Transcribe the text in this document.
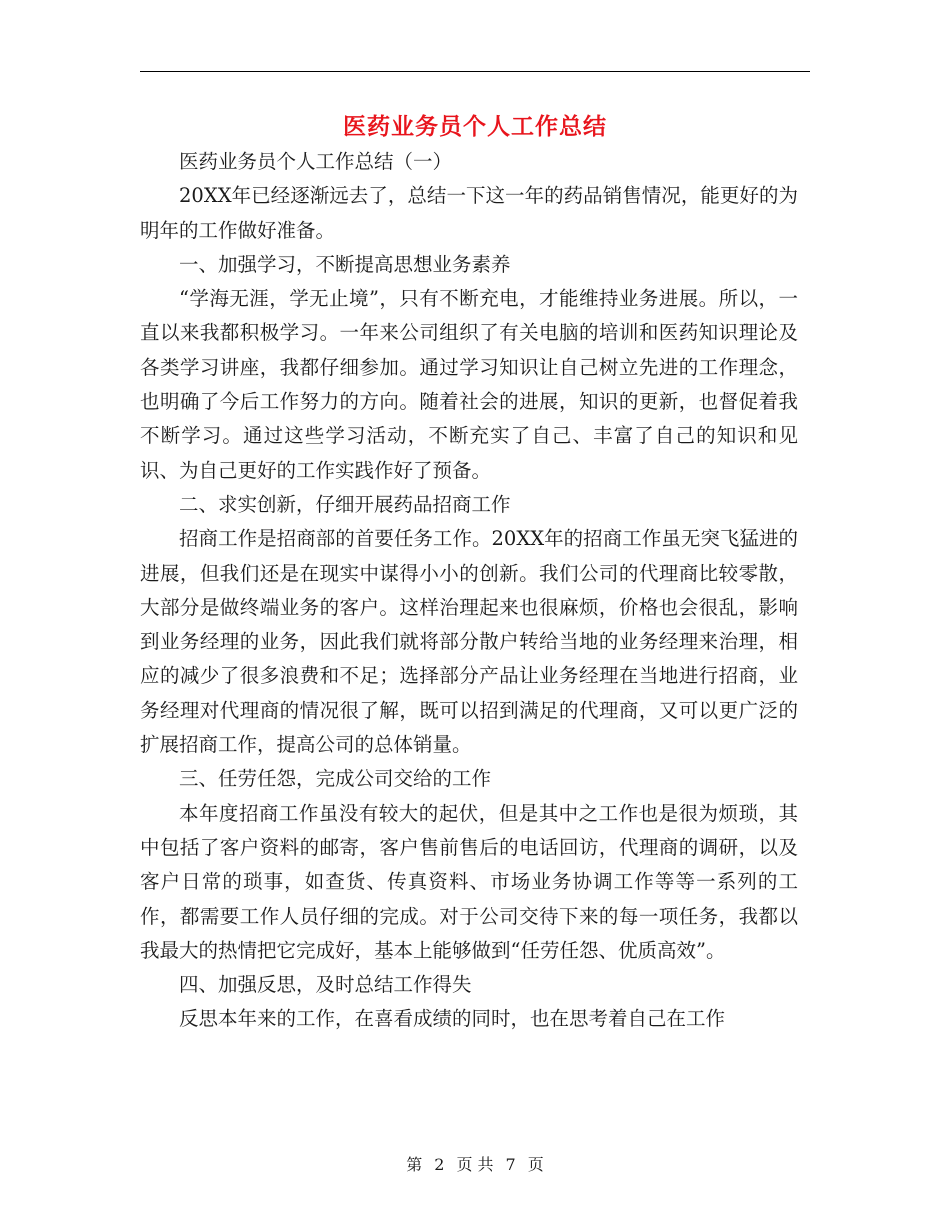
医药业务员个人工作总结

医药业务员个人工作总结（一）

20XX年已经逐渐远去了，总结一下这一年的药品销售情况，能更好的为明年的工作做好准备。

一、加强学习，不断提高思想业务素养

“学海无涯，学无止境”，只有不断充电，才能维持业务进展。所以，一直以来我都积极学习。一年来公司组织了有关电脑的培训和医药知识理论及各类学习讲座，我都仔细参加。通过学习知识让自己树立先进的工作理念，也明确了今后工作努力的方向。随着社会的进展，知识的更新，也督促着我不断学习。通过这些学习活动，不断充实了自己、丰富了自己的知识和见识、为自己更好的工作实践作好了预备。

二、求实创新，仔细开展药品招商工作

招商工作是招商部的首要任务工作。20XX年的招商工作虽无突飞猛进的进展，但我们还是在现实中谋得小小的创新。我们公司的代理商比较零散，大部分是做终端业务的客户。这样治理起来也很麻烦，价格也会很乱，影响到业务经理的业务，因此我们就将部分散户转给当地的业务经理来治理，相应的减少了很多浪费和不足；选择部分产品让业务经理在当地进行招商，业务经理对代理商的情况很了解，既可以招到满足的代理商，又可以更广泛的扩展招商工作，提高公司的总体销量。

三、任劳任怨，完成公司交给的工作

本年度招商工作虽没有较大的起伏，但是其中之工作也是很为烦琐，其中包括了客户资料的邮寄，客户售前售后的电话回访，代理商的调研，以及客户日常的琐事，如查货、传真资料、市场业务协调工作等等一系列的工作，都需要工作人员仔细的完成。对于公司交待下来的每一项任务，我都以我最大的热情把它完成好，基本上能够做到“任劳任怨、优质高效”。

四、加强反思，及时总结工作得失

反思本年来的工作，在喜看成绩的同时，也在思考着自己在工作

第 2 页 共 7 页
